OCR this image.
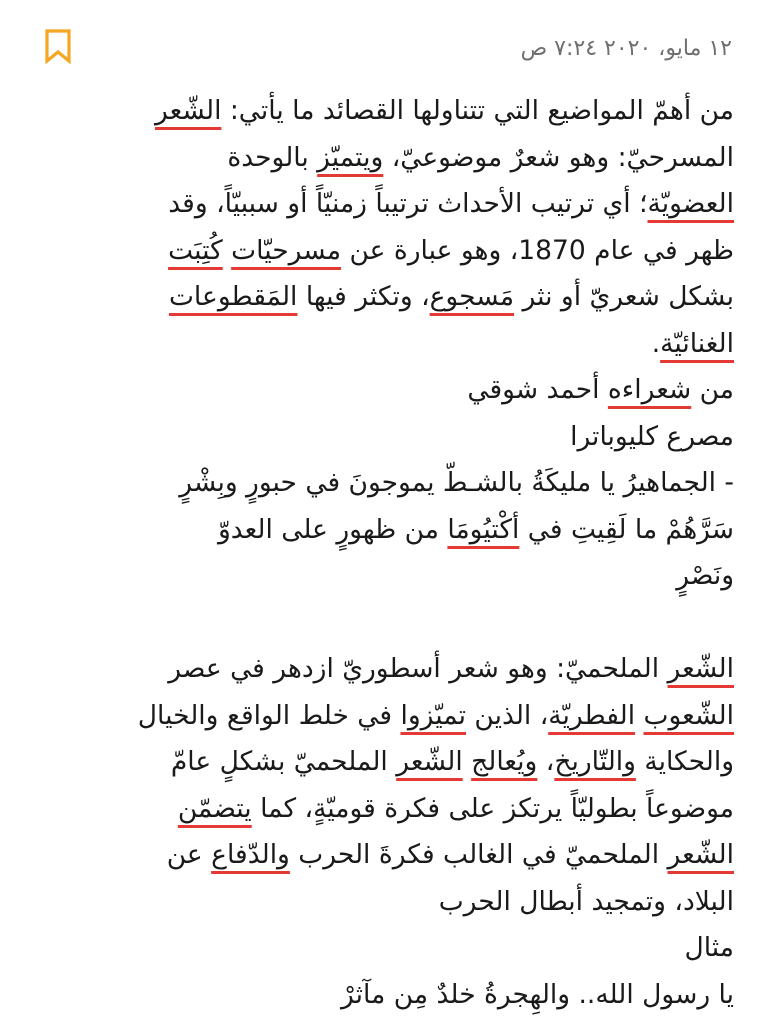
١٢ مايو، ٢٠٢٠ ٧:٢٤ ص
من أهمّ المواضيع التي تتناولها القصائد ما يأتي: الشّعر
المسرحيّ: وهو شعرٌ موضوعيّ، ويتميّز بالوحدة
العضويّة؛ أي ترتيب الأحداث ترتيباً زمنيّاً أو سببيّاً، وقد
ظهر في عام 1870، وهو عبارة عن مسرحيّات كُتِبَت
بشكل شعريّ أو نثر مَسجوع، وتكثر فيها المَقطوعات
الغنائيّة.
من شعراءه أحمد شوقي
مصرع كليوباترا
- الجماهيرُ يا مليكَةُ بالشـطّ يموجونَ في حبورٍ وبِشْرٍ
سَرَّهُمْ ما لَقِيتِ في أكْتيُومَا من ظهورٍ على العدوّ
ونَصْرٍ
الشّعر الملحميّ: وهو شعر أسطوريّ ازدهر في عصر
الشّعوب الفطريّة، الذين تميّزوا في خلط الواقع والخيال
والحكاية والتّاريخ، ويُعالج الشّعر الملحميّ بشكلٍ عامّ
موضوعاً بطوليّاً يرتكز على فكرة قوميّةٍ، كما يتضمّن
الشّعر الملحميّ في الغالب فكرةَ الحرب والدّفاع عن
البلاد، وتمجيد أبطال الحرب
مثال
يا رسول الله.. والهِجرةُ خلدٌ مِن مآثرْ
